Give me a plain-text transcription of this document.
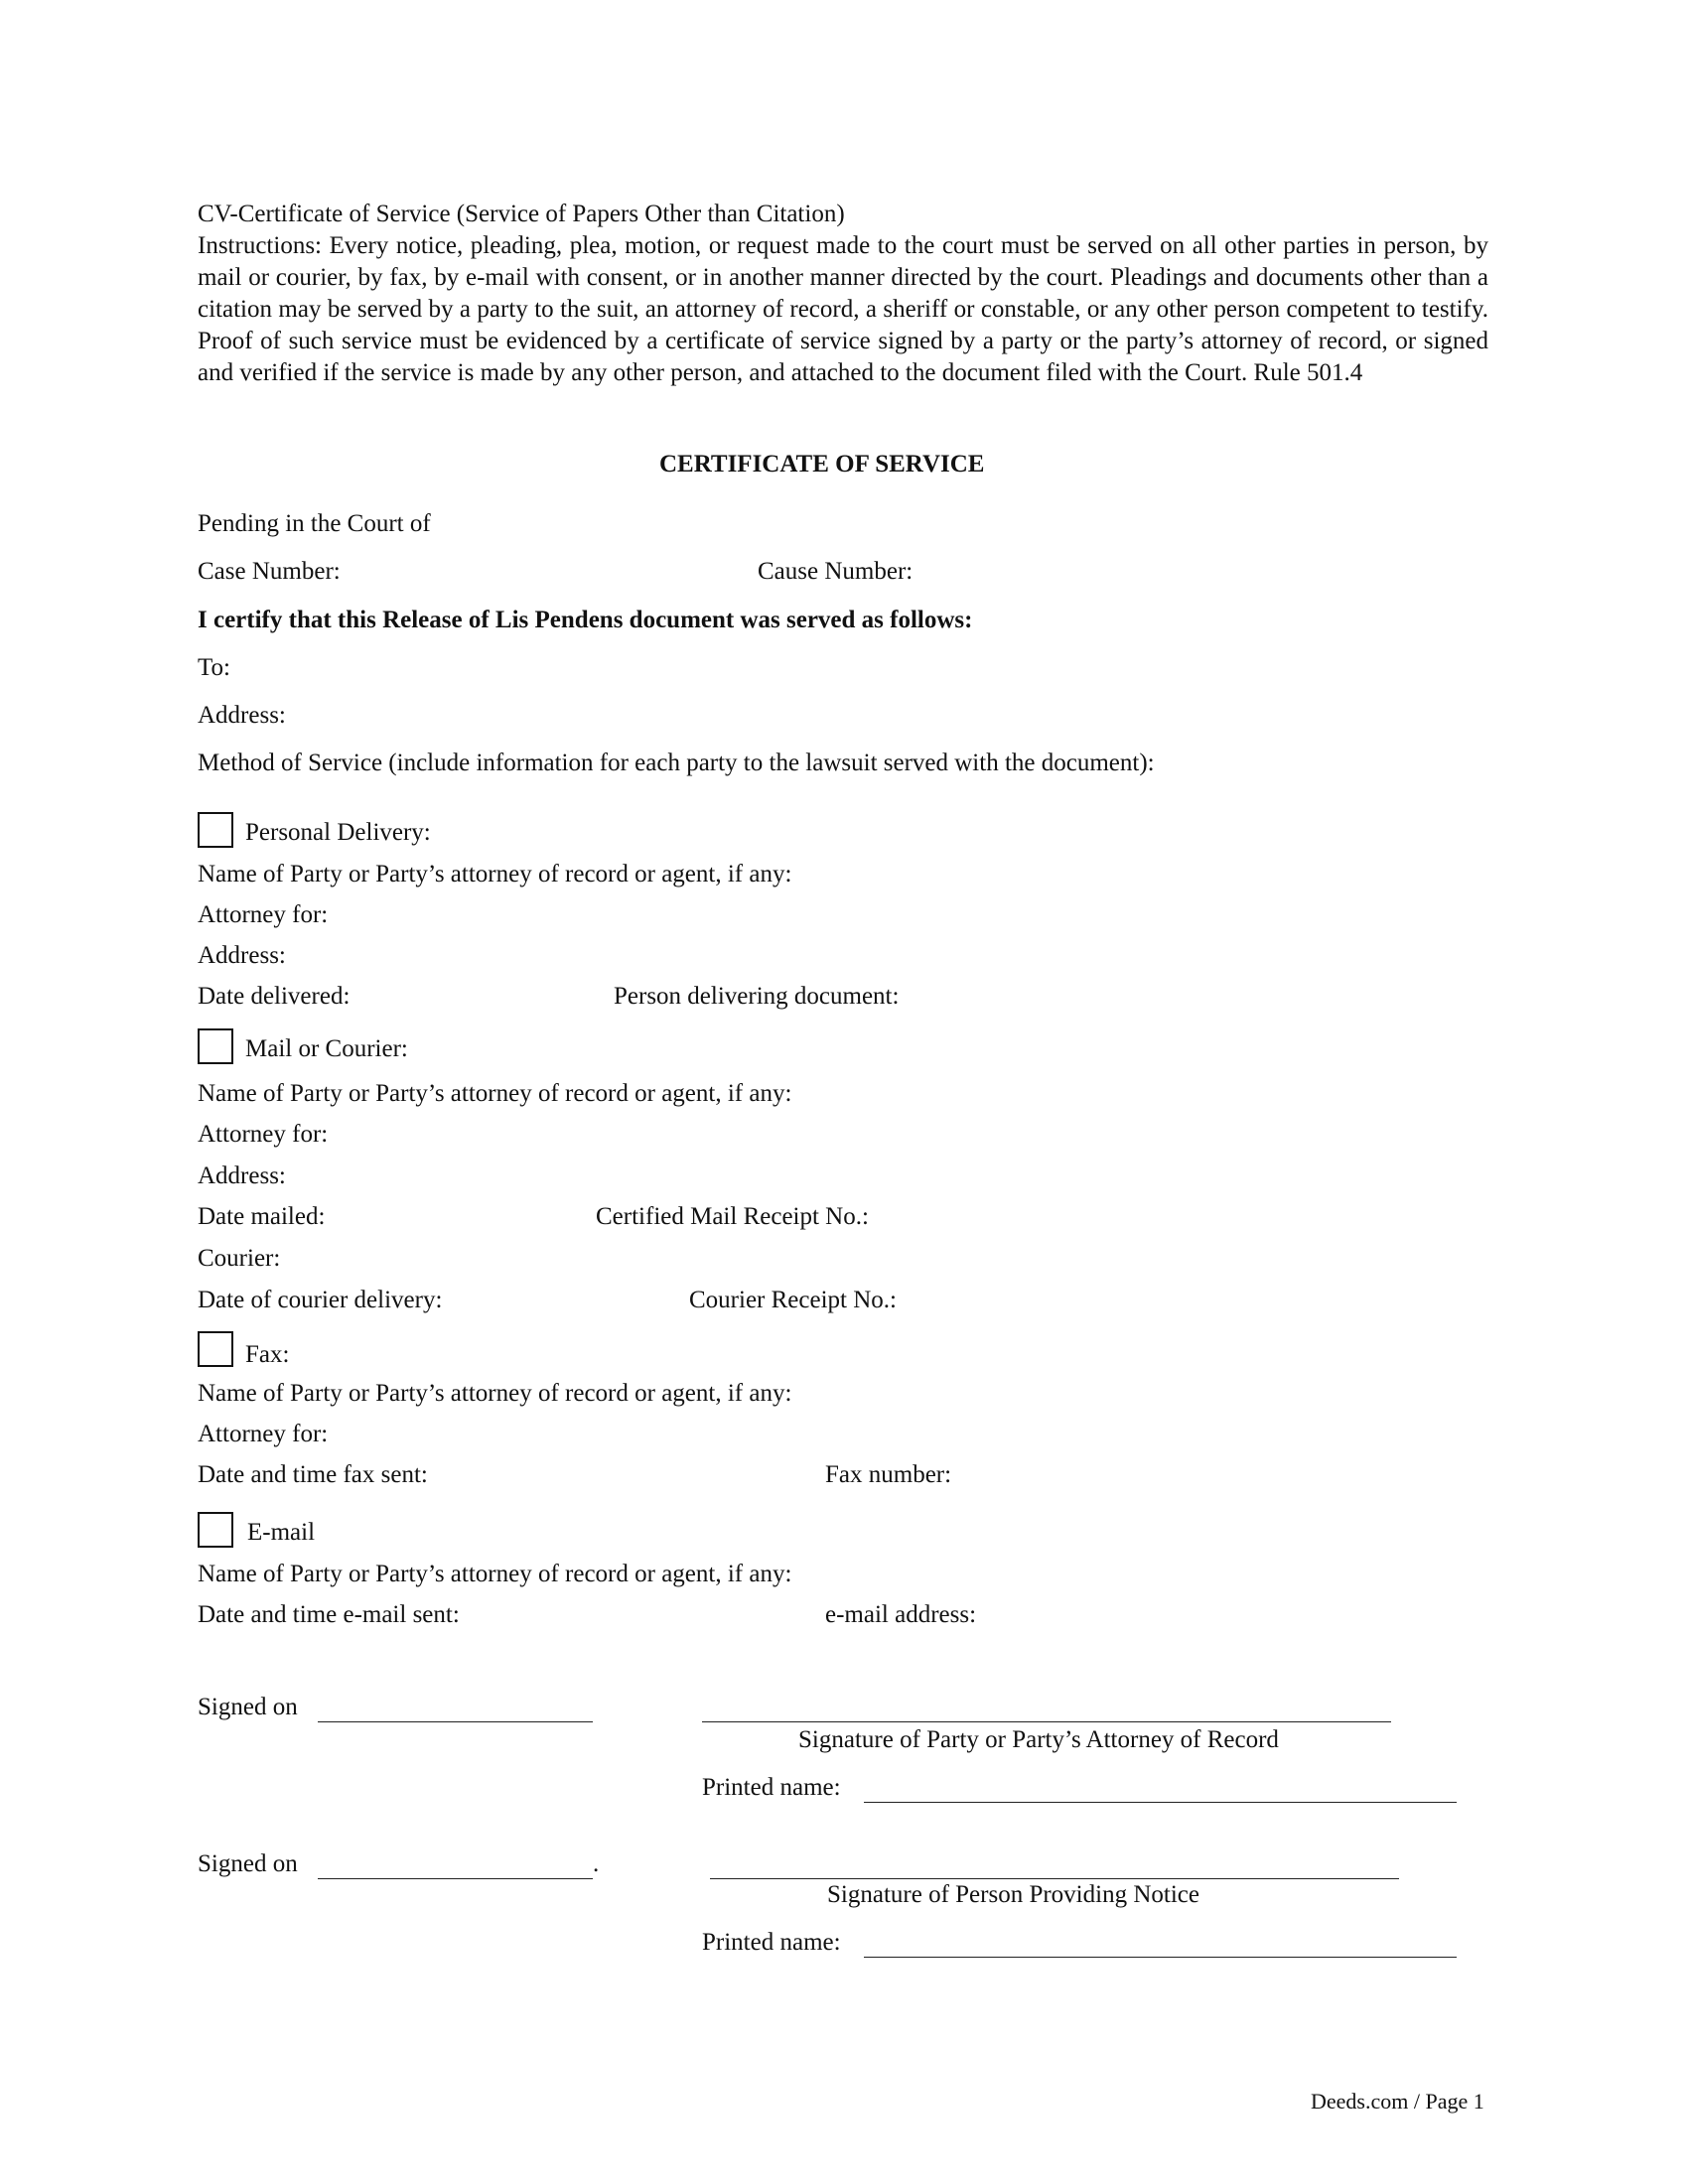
CV-Certificate of Service (Service of Papers Other than Citation)

Instructions: Every notice, pleading, plea, motion, or request made to the court must be served on all other parties in person, by mail or courier, by fax, by e-mail with consent, or in another manner directed by the court. Pleadings and documents other than a citation may be served by a party to the suit, an attorney of record, a sheriff or constable, or any other person competent to testify. Proof of such service must be evidenced by a certificate of service signed by a party or the party’s attorney of record, or signed and verified if the service is made by any other person, and attached to the document filed with the Court. Rule 501.4

CERTIFICATE OF SERVICE
Pending in the Court of
Case Number:	Cause Number:
I certify that this Release of Lis Pendens document was served as follows:
To:
Address:
Method of Service (include information for each party to the lawsuit served with the document):
Personal Delivery:
Name of Party or Party’s attorney of record or agent, if any:
Attorney for:
Address:
Date delivered:	Person delivering document:
Mail or Courier:
Name of Party or Party’s attorney of record or agent, if any:
Attorney for:
Address:
Date mailed:	Certified Mail Receipt No.:
Courier:
Date of courier delivery:	Courier Receipt No.:
Fax:
Name of Party or Party’s attorney of record or agent, if any:
Attorney for:
Date and time fax sent:	Fax number:
E-mail
Name of Party or Party’s attorney of record or agent, if any:
Date and time e-mail sent:	e-mail address:
Signed on
Signature of Party or Party’s Attorney of Record
Printed name:
Signed on	.
Signature of Person Providing Notice
Printed name:
Deeds.com / Page 1
